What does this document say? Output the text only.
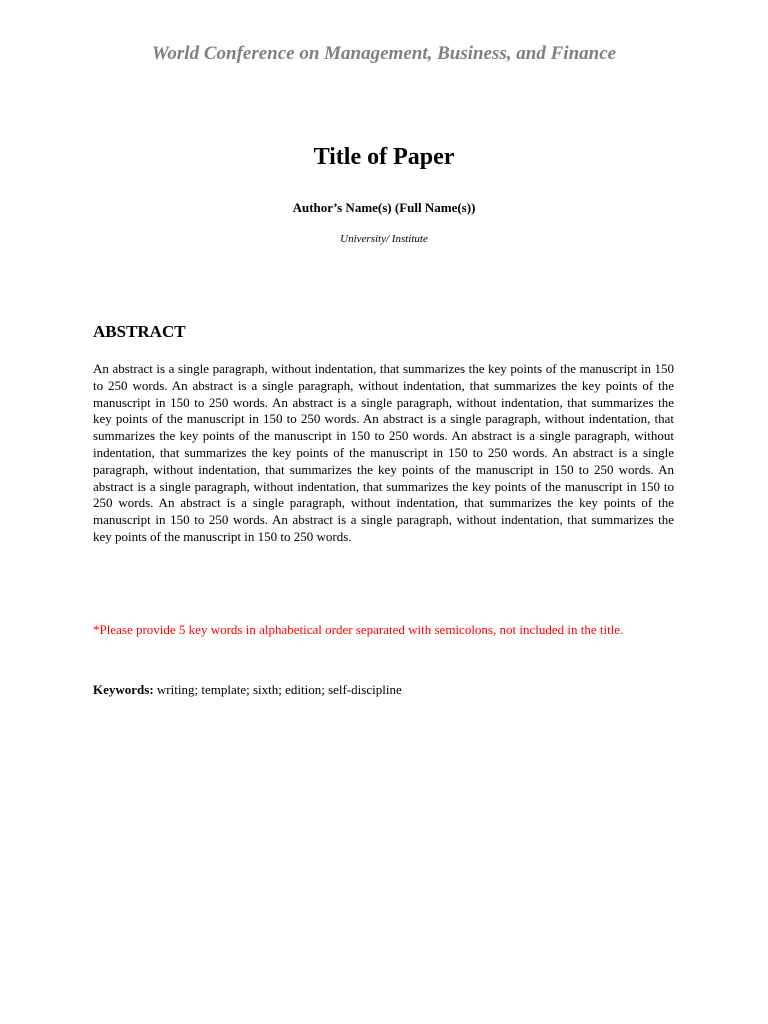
World Conference on Management, Business, and Finance
Title of Paper
Author’s Name(s) (Full Name(s))
University/ Institute
ABSTRACT

An abstract is a single paragraph, without indentation, that summarizes the key points of the manuscript in 150 to 250 words. An abstract is a single paragraph, without indentation, that summarizes the key points of the manuscript in 150 to 250 words. An abstract is a single paragraph, without indentation, that summarizes the key points of the manuscript in 150 to 250 words. An abstract is a single paragraph, without indentation, that summarizes the key points of the manuscript in 150 to 250 words. An abstract is a single paragraph, without indentation, that summarizes the key points of the manuscript in 150 to 250 words. An abstract is a single paragraph, without indentation, that summarizes the key points of the manuscript in 150 to 250 words. An abstract is a single paragraph, without indentation, that summarizes the key points of the manuscript in 150 to 250 words. An abstract is a single paragraph, without indentation, that summarizes the key points of the manuscript in 150 to 250 words. An abstract is a single paragraph, without indentation, that summarizes the key points of the manuscript in 150 to 250 words.

*Please provide 5 key words in alphabetical order separated with semicolons, not included in the title.

Keywords: writing; template; sixth; edition; self-discipline
